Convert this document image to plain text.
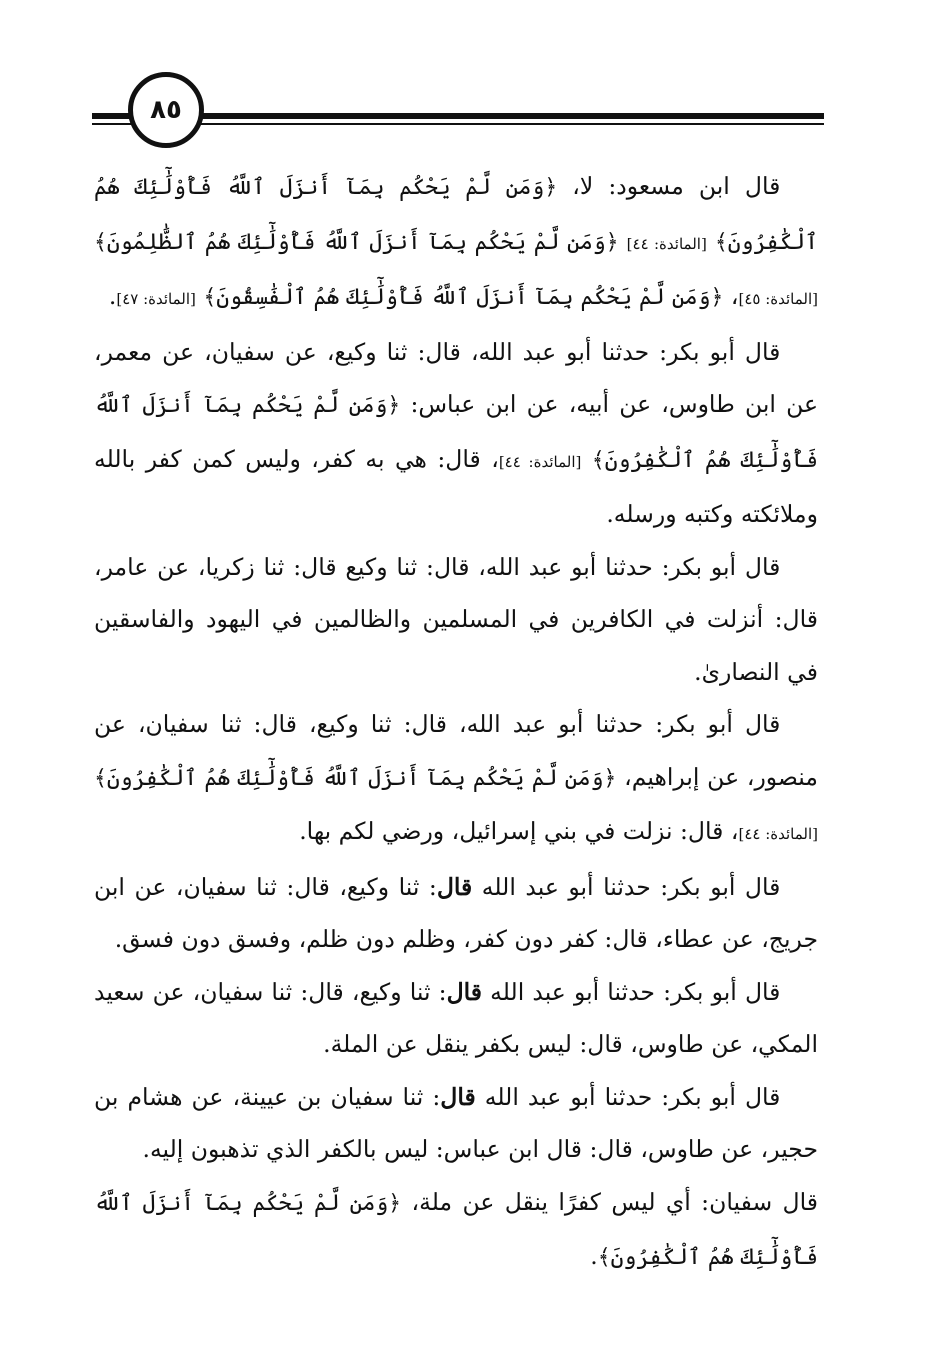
٨٥

قال ابن مسعود: لا، ﴿وَمَن لَّمْ يَحْكُم بِمَآ أَنزَلَ ٱللَّهُ فَأُوْلَٰٓئِكَ هُمُ ٱلْكَٰفِرُونَ﴾ [المائدة: ٤٤] ﴿وَمَن لَّمْ يَحْكُم بِمَآ أَنزَلَ ٱللَّهُ فَأُوْلَٰٓئِكَ هُمُ ٱلظَّٰلِمُونَ﴾ [المائدة: ٤٥]، ﴿وَمَن لَّمْ يَحْكُم بِمَآ أَنزَلَ ٱللَّهُ فَأُوْلَٰٓئِكَ هُمُ ٱلْفَٰسِقُونَ﴾ [المائدة: ٤٧].

قال أبو بكر: حدثنا أبو عبد الله، قال: ثنا وكيع، عن سفيان، عن معمر، عن ابن طاوس، عن أبيه، عن ابن عباس: ﴿وَمَن لَّمْ يَحْكُم بِمَآ أَنزَلَ ٱللَّهُ فَأُوْلَٰٓئِكَ هُمُ ٱلْكَٰفِرُونَ﴾ [المائدة: ٤٤]، قال: هي به كفر، وليس كمن كفر بالله وملائكته وكتبه ورسله.

قال أبو بكر: حدثنا أبو عبد الله، قال: ثنا وكيع قال: ثنا زكريا، عن عامر، قال: أنزلت في الكافرين في المسلمين والظالمين في اليهود والفاسقين في النصارىٰ.

قال أبو بكر: حدثنا أبو عبد الله، قال: ثنا وكيع، قال: ثنا سفيان، عن منصور، عن إبراهيم، ﴿وَمَن لَّمْ يَحْكُم بِمَآ أَنزَلَ ٱللَّهُ فَأُوْلَٰٓئِكَ هُمُ ٱلْكَٰفِرُونَ﴾ [المائدة: ٤٤]، قال: نزلت في بني إسرائيل، ورضي لكم بها.

قال أبو بكر: حدثنا أبو عبد الله قال: ثنا وكيع، قال: ثنا سفيان، عن ابن جريج، عن عطاء، قال: كفر دون كفر، وظلم دون ظلم، وفسق دون فسق.

قال أبو بكر: حدثنا أبو عبد الله قال: ثنا وكيع، قال: ثنا سفيان، عن سعيد المكي، عن طاوس، قال: ليس بكفر ينقل عن الملة.

قال أبو بكر: حدثنا أبو عبد الله قال: ثنا سفيان بن عيينة، عن هشام بن حجير، عن طاوس، قال: قال ابن عباس: ليس بالكفر الذي تذهبون إليه.

قال سفيان: أي ليس كفرًا ينقل عن ملة، ﴿وَمَن لَّمْ يَحْكُم بِمَآ أَنزَلَ ٱللَّهُ فَأُوْلَٰٓئِكَ هُمُ ٱلْكَٰفِرُونَ﴾.
